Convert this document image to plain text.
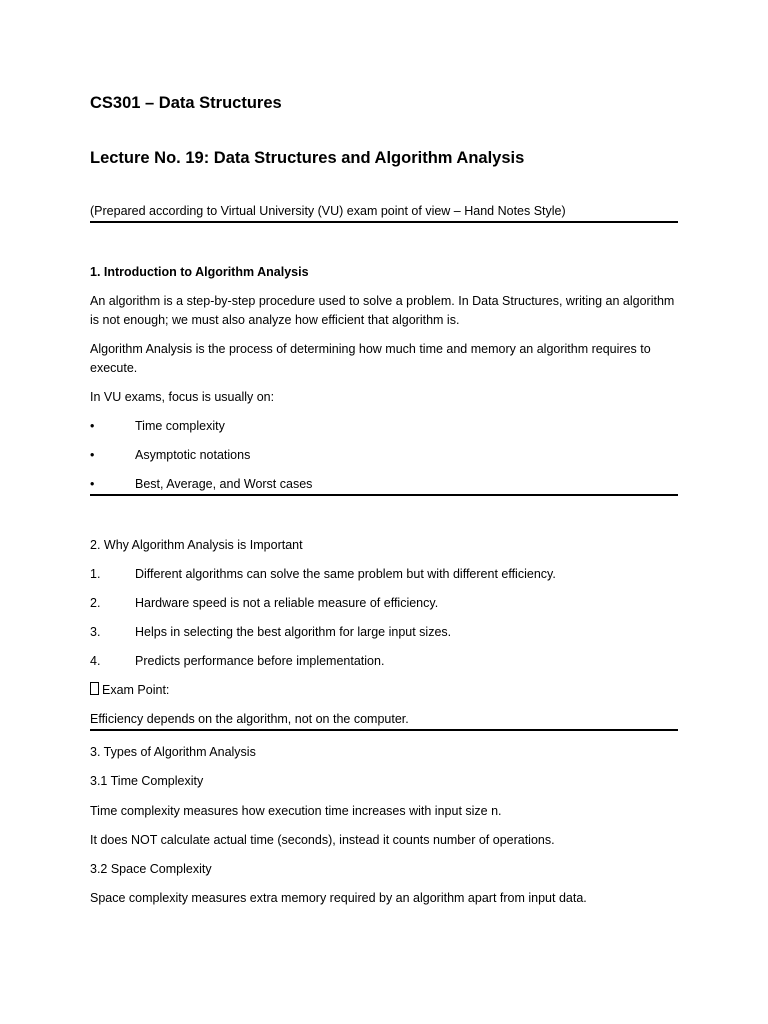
CS301 – Data Structures
Lecture No. 19: Data Structures and Algorithm Analysis
(Prepared according to Virtual University (VU) exam point of view – Hand Notes Style)
1. Introduction to Algorithm Analysis
An algorithm is a step-by-step procedure used to solve a problem. In Data Structures, writing an algorithm is not enough; we must also analyze how efficient that algorithm is.
Algorithm Analysis is the process of determining how much time and memory an algorithm requires to execute.
In VU exams, focus is usually on:
•	Time complexity
•	Asymptotic notations
•	Best, Average, and Worst cases
2. Why Algorithm Analysis is Important
1.	Different algorithms can solve the same problem but with different efficiency.
2.	Hardware speed is not a reliable measure of efficiency.
3.	Helps in selecting the best algorithm for large input sizes.
4.	Predicts performance before implementation.
Exam Point:
Efficiency depends on the algorithm, not on the computer.
3. Types of Algorithm Analysis
3.1 Time Complexity
Time complexity measures how execution time increases with input size n.
It does NOT calculate actual time (seconds), instead it counts number of operations.
3.2 Space Complexity
Space complexity measures extra memory required by an algorithm apart from input data.
